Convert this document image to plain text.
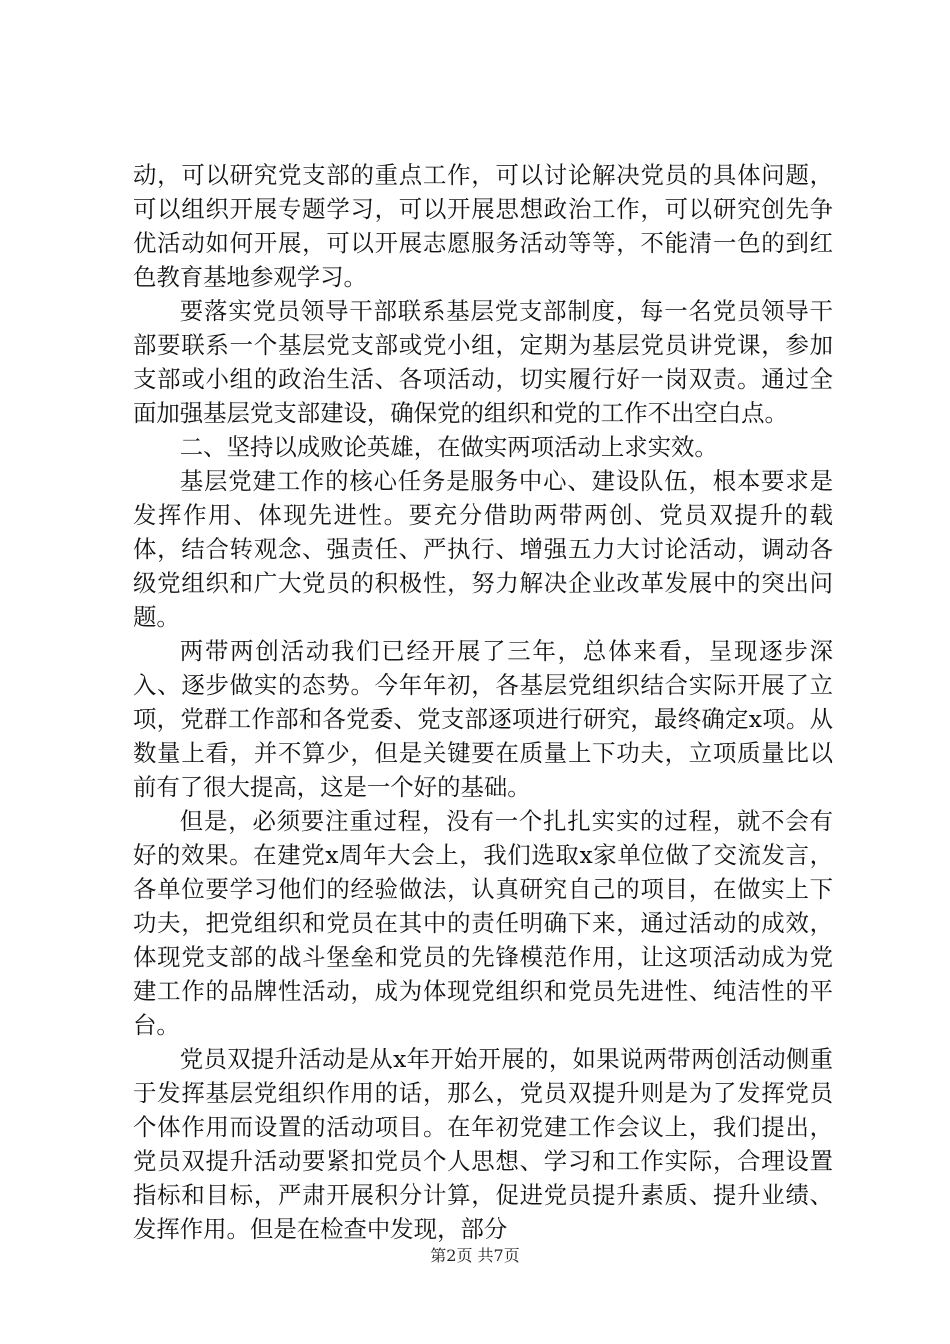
动，可以研究党支部的重点工作，可以讨论解决党员的具体问题，可以组织开展专题学习，可以开展思想政治工作，可以研究创先争优活动如何开展，可以开展志愿服务活动等等，不能清一色的到红色教育基地参观学习。

要落实党员领导干部联系基层党支部制度，每一名党员领导干部要联系一个基层党支部或党小组，定期为基层党员讲党课，参加支部或小组的政治生活、各项活动，切实履行好一岗双责。通过全面加强基层党支部建设，确保党的组织和党的工作不出空白点。

二、坚持以成败论英雄，在做实两项活动上求实效。

基层党建工作的核心任务是服务中心、建设队伍，根本要求是发挥作用、体现先进性。要充分借助两带两创、党员双提升的载体，结合转观念、强责任、严执行、增强五力大讨论活动，调动各级党组织和广大党员的积极性，努力解决企业改革发展中的突出问题。

两带两创活动我们已经开展了三年，总体来看，呈现逐步深入、逐步做实的态势。今年年初，各基层党组织结合实际开展了立项，党群工作部和各党委、党支部逐项进行研究，最终确定x项。从数量上看，并不算少，但是关键要在质量上下功夫，立项质量比以前有了很大提高，这是一个好的基础。

但是，必须要注重过程，没有一个扎扎实实的过程，就不会有好的效果。在建党x周年大会上，我们选取x家单位做了交流发言，各单位要学习他们的经验做法，认真研究自己的项目，在做实上下功夫，把党组织和党员在其中的责任明确下来，通过活动的成效，体现党支部的战斗堡垒和党员的先锋模范作用，让这项活动成为党建工作的品牌性活动，成为体现党组织和党员先进性、纯洁性的平台。

党员双提升活动是从x年开始开展的，如果说两带两创活动侧重于发挥基层党组织作用的话，那么，党员双提升则是为了发挥党员个体作用而设置的活动项目。在年初党建工作会议上，我们提出，党员双提升活动要紧扣党员个人思想、学习和工作实际，合理设置指标和目标，严肃开展积分计算，促进党员提升素质、提升业绩、发挥作用。但是在检查中发现，部分

第2页 共7页
